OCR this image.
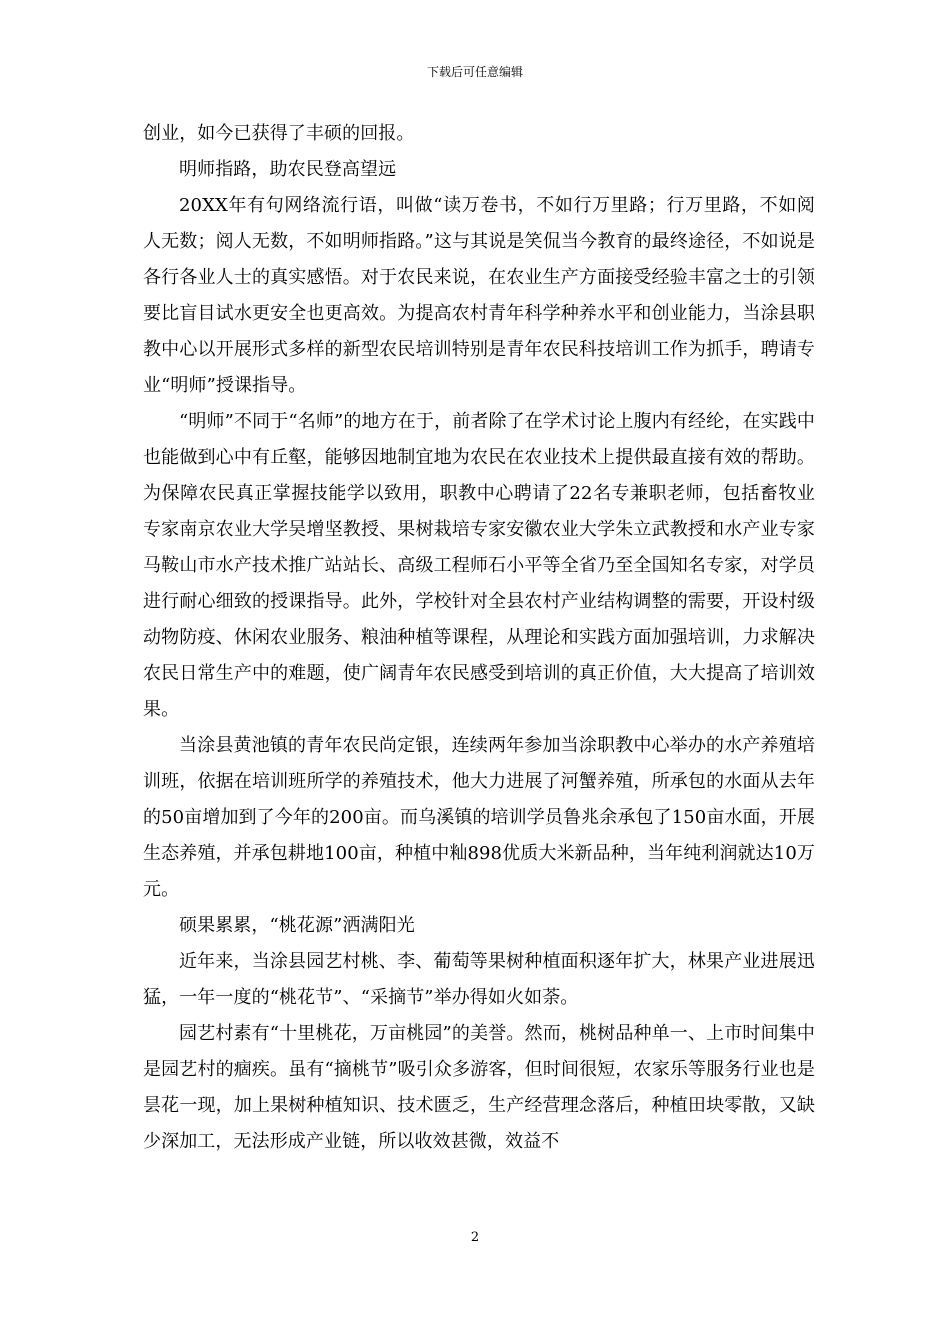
下载后可任意编辑

创业，如今已获得了丰硕的回报。

明师指路，助农民登高望远

20XX年有句网络流行语，叫做“读万卷书，不如行万里路；行万里路，不如阅人无数；阅人无数，不如明师指路。”这与其说是笑侃当今教育的最终途径，不如说是各行各业人士的真实感悟。对于农民来说，在农业生产方面接受经验丰富之士的引领要比盲目试水更安全也更高效。为提高农村青年科学种养水平和创业能力，当涂县职教中心以开展形式多样的新型农民培训特别是青年农民科技培训工作为抓手，聘请专业“明师”授课指导。

“明师”不同于“名师”的地方在于，前者除了在学术讨论上腹内有经纶，在实践中也能做到心中有丘壑，能够因地制宜地为农民在农业技术上提供最直接有效的帮助。为保障农民真正掌握技能学以致用，职教中心聘请了22名专兼职老师，包括畜牧业专家南京农业大学吴增坚教授、果树栽培专家安徽农业大学朱立武教授和水产业专家马鞍山市水产技术推广站站长、高级工程师石小平等全省乃至全国知名专家，对学员进行耐心细致的授课指导。此外，学校针对全县农村产业结构调整的需要，开设村级动物防疫、休闲农业服务、粮油种植等课程，从理论和实践方面加强培训，力求解决农民日常生产中的难题，使广阔青年农民感受到培训的真正价值，大大提高了培训效果。

当涂县黄池镇的青年农民尚定银，连续两年参加当涂职教中心举办的水产养殖培训班，依据在培训班所学的养殖技术，他大力进展了河蟹养殖，所承包的水面从去年的50亩增加到了今年的200亩。而乌溪镇的培训学员鲁兆余承包了150亩水面，开展生态养殖，并承包耕地100亩，种植中籼898优质大米新品种，当年纯利润就达10万元。

硕果累累，“桃花源”洒满阳光

近年来，当涂县园艺村桃、李、葡萄等果树种植面积逐年扩大，林果产业进展迅猛，一年一度的“桃花节”、“采摘节”举办得如火如荼。

园艺村素有“十里桃花，万亩桃园”的美誉。然而，桃树品种单一、上市时间集中是园艺村的痼疾。虽有“摘桃节”吸引众多游客，但时间很短，农家乐等服务行业也是昙花一现，加上果树种植知识、技术匮乏，生产经营理念落后，种植田块零散，又缺少深加工，无法形成产业链，所以收效甚微，效益不

2
